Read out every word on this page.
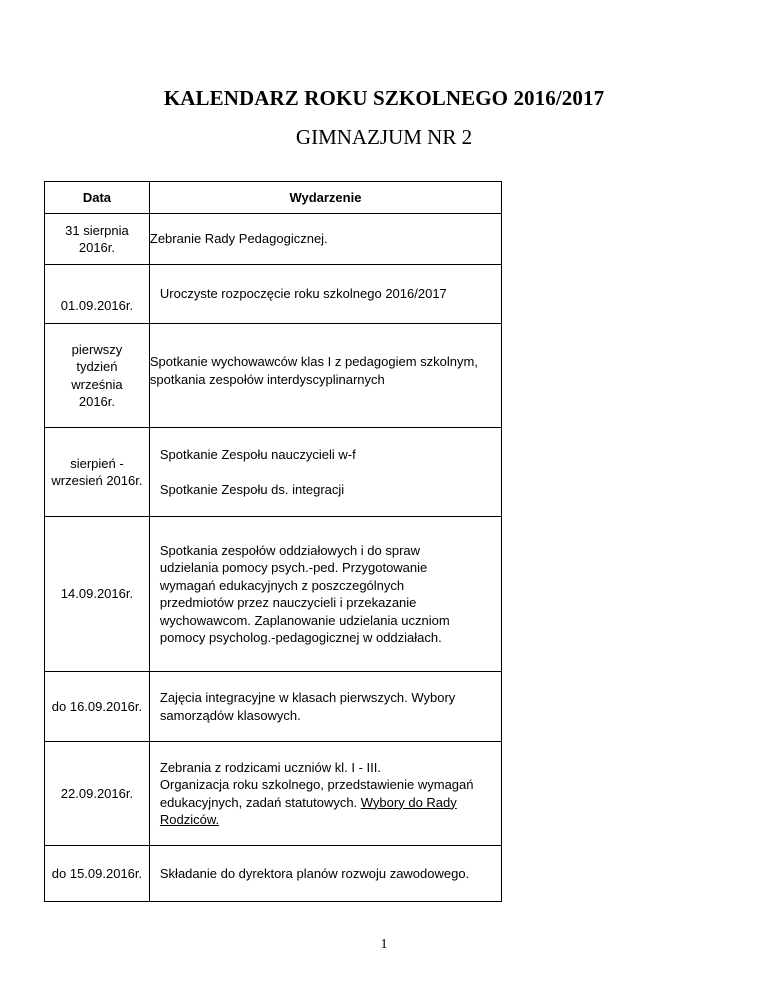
KALENDARZ ROKU SZKOLNEGO 2016/2017
GIMNAZJUM NR 2
Data	Wydarzenie
31 sierpnia 2016r.	Zebranie Rady Pedagogicznej.
01.09.2016r.	Uroczyste rozpoczęcie roku szkolnego 2016/2017
pierwszy tydzień września 2016r.	Spotkanie wychowawców klas I z pedagogiem szkolnym, spotkania zespołów interdyscyplinarnych
sierpień - wrzesień 2016r.	Spotkanie Zespołu nauczycieli w-f
Spotkanie Zespołu ds. integracji

14.09.2016r.	Spotkania zespołów oddziałowych i do spraw udzielania pomocy psych.-ped. Przygotowanie wymagań edukacyjnych z poszczególnych przedmiotów przez nauczycieli i przekazanie wychowawcom. Zaplanowanie udzielania uczniom pomocy psycholog.-pedagogicznej w oddziałach.
do 16.09.2016r.	Zajęcia integracyjne w klasach pierwszych. Wybory samorządów klasowych.
22.09.2016r.	Zebrania z rodzicami uczniów kl. I - III.
Organizacja roku szkolnego, przedstawienie wymagań edukacyjnych, zadań statutowych. Wybory do Rady Rodziców.
do 15.09.2016r.	Składanie do dyrektora planów rozwoju zawodowego.
1
